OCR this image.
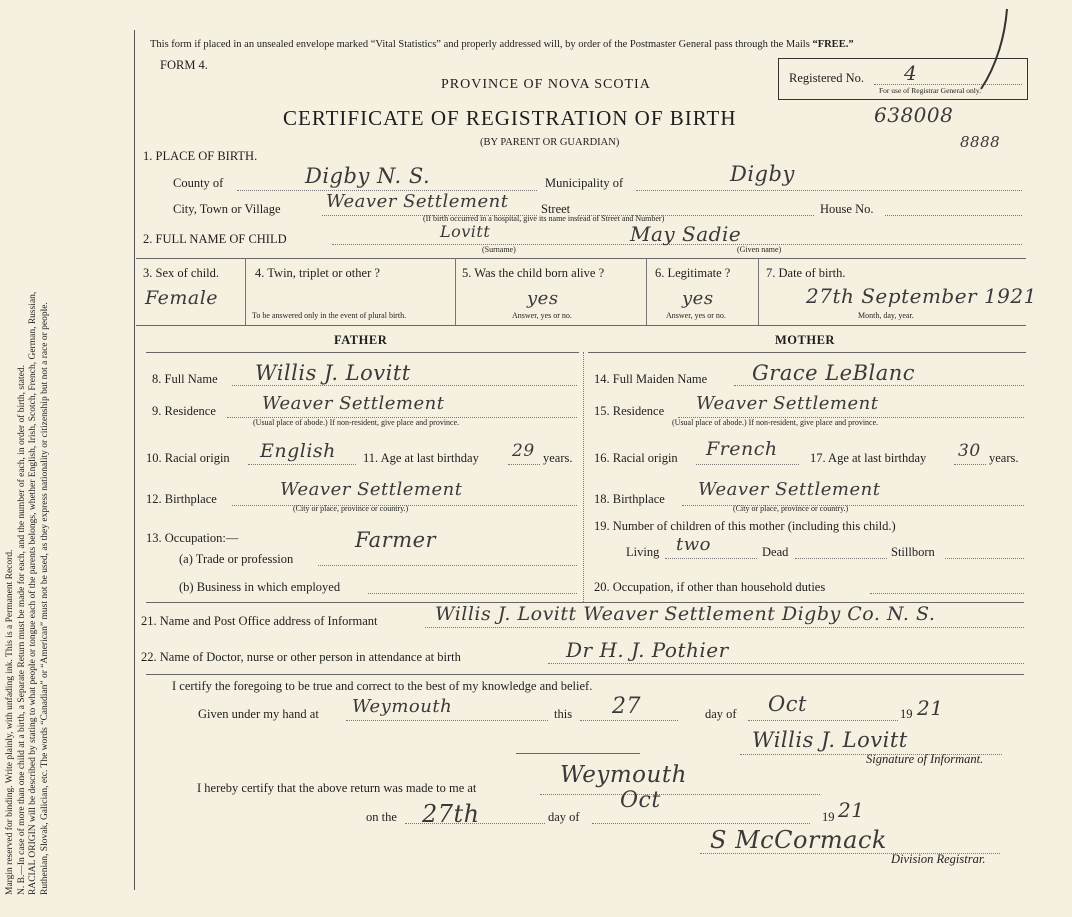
Margin reserved for binding. Write plainly, with unfading ink. This is a Permanent Record. N. B.—In case of more than one child at a birth, a Separate Return must be made for each, and the number of each, in order of birth, stated. RACIAL ORIGIN will be described by stating to what people or tongue each of the parents belongs, whether English, Irish, Scotch, French, German, Russian, Ruthenian, Slovak, Galician, etc. The words “Canadian” or “American” must not be used, as they express nationality or citizenship but not a race or people.
This form if placed in an unsealed envelope marked “Vital Statistics” and properly addressed will, by order of the Postmaster General pass through the Mails “FREE.”
FORM 4.
PROVINCE OF NOVA SCOTIA
CERTIFICATE OF REGISTRATION OF BIRTH
(BY PARENT OR GUARDIAN)
638008
8888
Registered No. 4
For use of Registrar General only.
1. PLACE OF BIRTH.
County of	Digby N. S.	Municipality of	Digby
City, Town or Village	Weaver Settlement	Street	House No.
(If birth occurred in a hospital, give its name instead of Street and Number)
2. FULL NAME OF CHILD	Lovitt	May Sadie
(Surname)	(Given name)
3. Sex of child.
Female
4. Twin, triplet or other ?
To be answered only in the event of plural birth.
5. Was the child born alive ?
yes
Answer, yes or no.
6. Legitimate ?
yes
Answer, yes or no.
7. Date of birth.
27th September 1921
Month, day, year.
FATHER	MOTHER
8. Full Name Willis J. Lovitt
9. Residence	Weaver Settlement
(Usual place of abode.) If non-resident, give place and province.
10. Racial origin English 11. Age at last birthday 29 years.
12. Birthplace	Weaver Settlement
(City or place, province or country.)
13. Occupation:—
(a) Trade or profession
Farmer
(b) Business in which employed
14. Full Maiden Name Grace LeBlanc
15. Residence Weaver Settlement
(Usual place of abode.) If non-resident, give place and province.
16. Racial origin French	17. Age at last birthday 30 years.
18. Birthplace Weaver Settlement
(City or place, province or country.)
19. Number of children of this mother (including this child.)
Living two	Dead	Stillborn
20. Occupation, if other than household duties
21. Name and Post Office address of Informant	Willis J. Lovitt Weaver Settlement Digby Co. N. S.
22. Name of Doctor, nurse or other person in attendance at birth	Dr H. J. Pothier
I certify the foregoing to be true and correct to the best of my knowledge and belief.
Given under my hand at Weymouth	this 27	day of Oct	19 21
Willis J. Lovitt
Signature of Informant.
I hereby certify that the above return was made to me at	Weymouth
on the 27th	day of
Oct
19 21
S McCormack
Division Registrar.
